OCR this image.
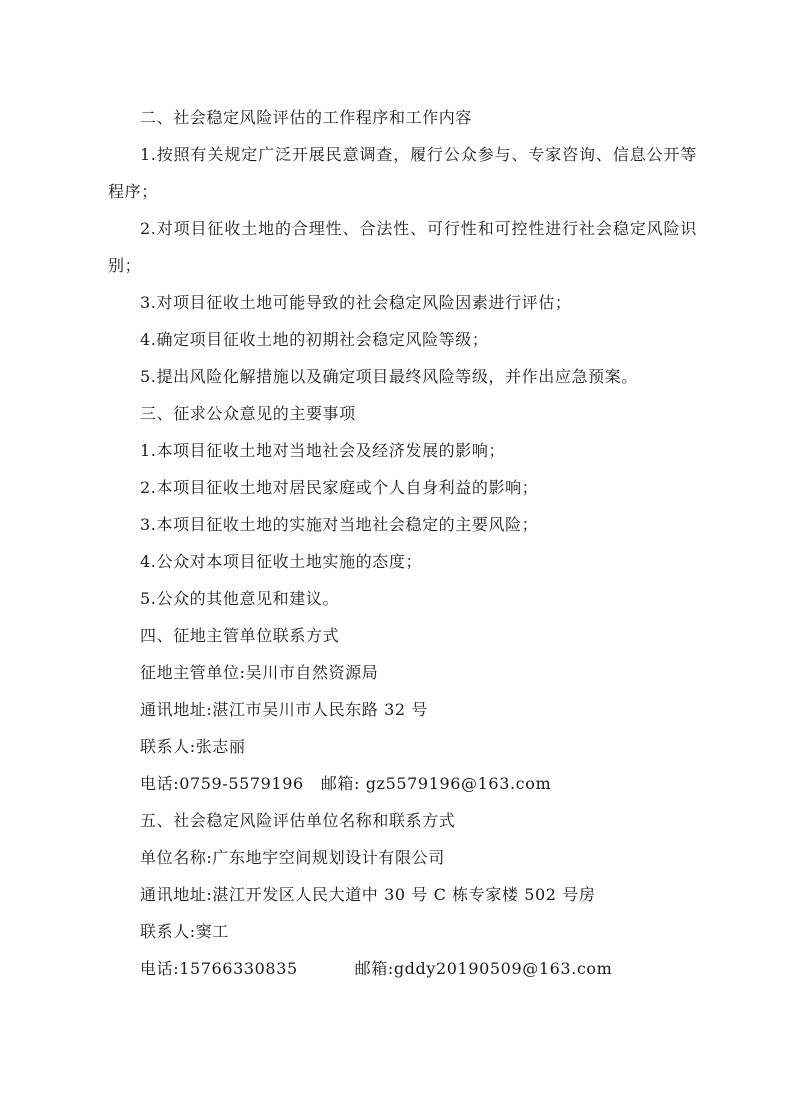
二、社会稳定风险评估的工作程序和工作内容

1.按照有关规定广泛开展民意调查，履行公众参与、专家咨询、信息公开等程序；

2.对项目征收土地的合理性、合法性、可行性和可控性进行社会稳定风险识别；

3.对项目征收土地可能导致的社会稳定风险因素进行评估；

4.确定项目征收土地的初期社会稳定风险等级；

5.提出风险化解措施以及确定项目最终风险等级，并作出应急预案。

三、征求公众意见的主要事项

1.本项目征收土地对当地社会及经济发展的影响；

2.本项目征收土地对居民家庭或个人自身利益的影响；

3.本项目征收土地的实施对当地社会稳定的主要风险；

4.公众对本项目征收土地实施的态度；

5.公众的其他意见和建议。

四、征地主管单位联系方式

征地主管单位:吴川市自然资源局

通讯地址:湛江市吴川市人民东路 32 号

联系人:张志丽

电话:0759-5579196   邮箱: gz5579196@163.com

五、社会稳定风险评估单位名称和联系方式

单位名称:广东地宇空间规划设计有限公司

通讯地址:湛江开发区人民大道中 30 号 C 栋专家楼 502 号房

联系人:窦工

电话:15766330835          邮箱:gddy20190509@163.com
